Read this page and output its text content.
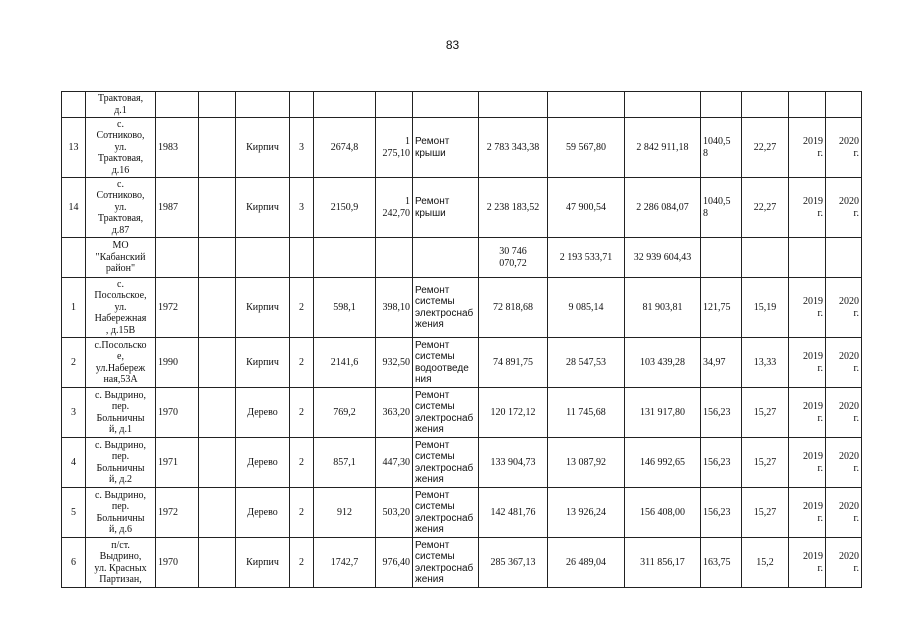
83
	Трактовая,
д.1														
13	с.
Сотниково,
ул.
Трактовая,
д.16	1983		Кирпич	3	2674,8	1
275,10	Ремонт
крыши	2 783 343,38	59 567,80	2 842 911,18	1040,5
8	22,27	2019
г.	2020
г.
14	с.
Сотниково,
ул.
Трактовая,
д.87	1987		Кирпич	3	2150,9	1
242,70	Ремонт
крыши	2 238 183,52	47 900,54	2 286 084,07	1040,5
8	22,27	2019
г.	2020
г.
	МО
"Кабанский
район"								30 746
070,72	2 193 533,71	32 939 604,43				
1	с.
Посольское,
ул.
Набережная
, д.15В	1972		Кирпич	2	598,1	398,10	Ремонт
системы
электроснаб
жения	72 818,68	9 085,14	81 903,81	121,75	15,19	2019
г.	2020
г.
2	с.Посольско
е,
ул.Набереж
ная,53А	1990		Кирпич	2	2141,6	932,50	Ремонт
системы
водоотведе
ния	74 891,75	28 547,53	103 439,28	34,97	13,33	2019
г.	2020
г.
3	с. Выдрино,
пер.
Больничны
й, д.1	1970		Дерево	2	769,2	363,20	Ремонт
системы
электроснаб
жения	120 172,12	11 745,68	131 917,80	156,23	15,27	2019
г.	2020
г.
4	с. Выдрино,
пер.
Больничны
й, д.2	1971		Дерево	2	857,1	447,30	Ремонт
системы
электроснаб
жения	133 904,73	13 087,92	146 992,65	156,23	15,27	2019
г.	2020
г.
5	с. Выдрино,
пер.
Больничны
й, д.6	1972		Дерево	2	912	503,20	Ремонт
системы
электроснаб
жения	142 481,76	13 926,24	156 408,00	156,23	15,27	2019
г.	2020
г.
6	п/ст.
Выдрино,
ул. Красных
Партизан,	1970		Кирпич	2	1742,7	976,40	Ремонт
системы
электроснаб
жения	285 367,13	26 489,04	311 856,17	163,75	15,2	2019
г.	2020
г.
